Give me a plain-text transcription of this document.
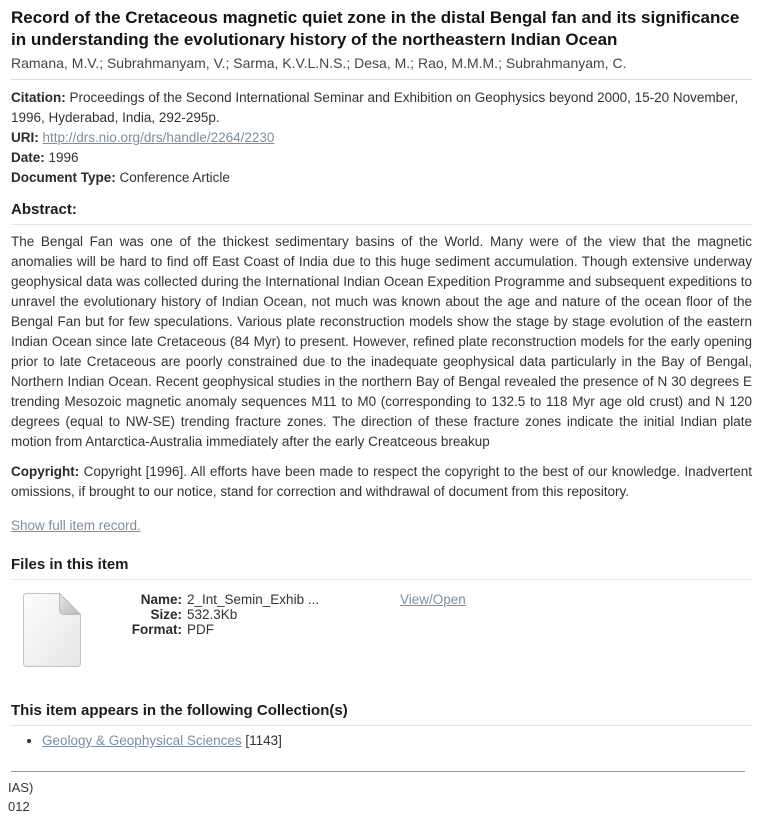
Record of the Cretaceous magnetic quiet zone in the distal Bengal fan and its significance in understanding the evolutionary history of the northeastern Indian Ocean
Ramana, M.V.; Subrahmanyam, V.; Sarma, K.V.L.N.S.; Desa, M.; Rao, M.M.M.; Subrahmanyam, C.

Citation: Proceedings of the Second International Seminar and Exhibition on Geophysics beyond 2000, 15-20 November, 1996, Hyderabad, India, 292-295p.

URI: http://drs.nio.org/drs/handle/2264/2230

Date: 1996

Document Type: Conference Article

Abstract:

The Bengal Fan was one of the thickest sedimentary basins of the World. Many were of the view that the magnetic anomalies will be hard to find off East Coast of India due to this huge sediment accumulation. Though extensive underway geophysical data was collected during the International Indian Ocean Expedition Programme and subsequent expeditions to unravel the evolutionary history of Indian Ocean, not much was known about the age and nature of the ocean floor of the Bengal Fan but for few speculations. Various plate reconstruction models show the stage by stage evolution of the eastern Indian Ocean since late Cretaceous (84 Myr) to present. However, refined plate reconstruction models for the early opening prior to late Cretaceous are poorly constrained due to the inadequate geophysical data particularly in the Bay of Bengal, Northern Indian Ocean. Recent geophysical studies in the northern Bay of Bengal revealed the presence of N 30 degrees E trending Mesozoic magnetic anomaly sequences M11 to M0 (corresponding to 132.5 to 118 Myr age old crust) and N 120 degrees (equal to NW-SE) trending fracture zones. The direction of these fracture zones indicate the initial Indian plate motion from Antarctica-Australia immediately after the early Creatceous breakup

Copyright: Copyright [1996]. All efforts have been made to respect the copyright to the best of our knowledge. Inadvertent omissions, if brought to our notice, stand for correction and withdrawal of document from this repository.

Show full item record.
Files in this item
Name: 2_Int_Semin_Exhib ...
Size: 532.3Kb
Format: PDF
View/Open
This item appears in the following Collection(s)
• Geology & Geophysical Sciences [1143]

IAS)

012
